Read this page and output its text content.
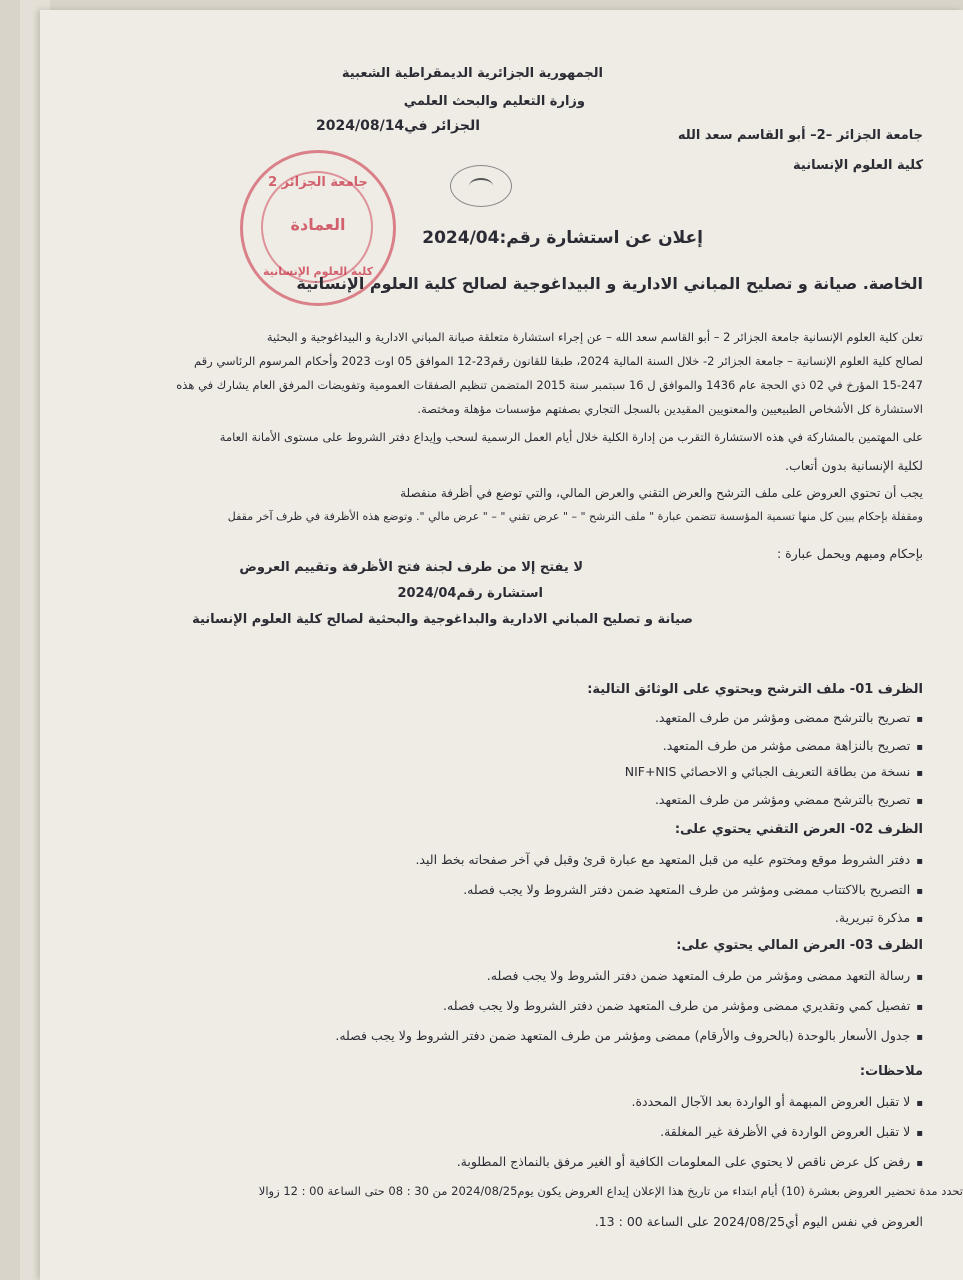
الجمهورية الجزائرية الديمقراطية الشعبية
وزارة التعليم والبحث العلمي
جامعة الجزائر –2– أبو القاسم سعد الله
كلية العلوم الإنسانية
الجزائر في2024/08/14
جامعة الجزائر 2
العمادة
كلية العلوم الإنسانية
إعلان عن استشارة رقم:2024/04
الخاصة. صيانة و تصليح المباني الادارية و البيداغوجية لصالح كلية العلوم الإنسانية
تعلن كلية العلوم الإنسانية جامعة الجزائر 2 – أبو القاسم سعد الله – عن إجراء استشارة متعلقة صيانة المباني الادارية و البيداغوجية و البحثية
لصالح كلية العلوم الإنسانية – جامعة الجزائر 2- خلال السنة المالية 2024، طبقا للقانون رقم23-12 الموافق 05 اوت 2023 وأحكام المرسوم الرئاسي رقم
15-247 المؤرخ في 02 ذي الحجة عام 1436 والموافق ل 16 سبتمبر سنة 2015 المتضمن تنظيم الصفقات العمومية وتفويضات المرفق العام يشارك في هذه
الاستشارة كل الأشخاص الطبيعيين والمعنويين المقيدين بالسجل التجاري بصفتهم مؤسسات مؤهلة ومختصة.
على المهتمين بالمشاركة في هذه الاستشارة التقرب من إدارة الكلية خلال أيام العمل الرسمية لسحب وإيداع دفتر الشروط على مستوى الأمانة العامة
لكلية الإنسانية بدون أتعاب.
يجب أن تحتوي العروض على ملف الترشح والعرض التقني والعرض المالي، والتي توضع في أظرفة منفصلة
ومقفلة بإحكام يبين كل منها تسمية المؤسسة تتضمن عبارة " ملف الترشح " – " عرض تقني " – " عرض مالي ". وتوضع هذه الأظرفة في ظرف آخر مقفل
بإحكام ومبهم ويحمل عبارة :
لا يفتح إلا من طرف لجنة فتح الأظرفة وتقييم العروض
استشارة رقم2024/04
صيانة و تصليح المباني الادارية والبداغوجية والبحثية لصالح كلية العلوم الإنسانية
الظرف 01- ملف الترشح ويحتوي على الوثائق التالية:
▪ تصريح بالترشح ممضى ومؤشر من طرف المتعهد.
▪ تصريح بالنزاهة ممضى مؤشر من طرف المتعهد.
▪ نسخة من بطاقة التعريف الجبائي و الاحصائي NIF+NIS
▪ تصريح بالترشح ممضي ومؤشر من طرف المتعهد.
الظرف 02- العرض التقني يحتوي على:
▪ دفتر الشروط موقع ومختوم عليه من قبل المتعهد مع عبارة قرئ وقبل في آخر صفحاته بخط اليد.
▪ التصريح بالاكتتاب ممضى ومؤشر من طرف المتعهد ضمن دفتر الشروط ولا يجب فصله.
▪ مذكرة تبريرية.
الظرف 03- العرض المالي يحتوي على:
▪ رسالة التعهد ممضى ومؤشر من طرف المتعهد ضمن دفتر الشروط ولا يجب فصله.
▪ تفصيل كمي وتقديري ممضى ومؤشر من طرف المتعهد ضمن دفتر الشروط ولا يجب فصله.
▪ جدول الأسعار بالوحدة (بالحروف والأرقام) ممضى ومؤشر من طرف المتعهد ضمن دفتر الشروط ولا يجب فصله.
ملاحظات:
▪ لا تقبل العروض المبهمة أو الواردة بعد الآجال المحددة.
▪ لا تقبل العروض الواردة في الأظرفة غير المغلقة.
▪ رفض كل عرض ناقص لا يحتوي على المعلومات الكافية أو الغير مرفق بالنماذج المطلوبة.
تحدد مدة تحضير العروض بعشرة (10) أيام ابتداء من تاريخ هذا الإعلان إيداع العروض يكون يوم2024/08/25 من 30 : 08 حتى الساعة 00 : 12 زوالا
العروض في نفس اليوم أي2024/08/25 على الساعة 00 : 13.
